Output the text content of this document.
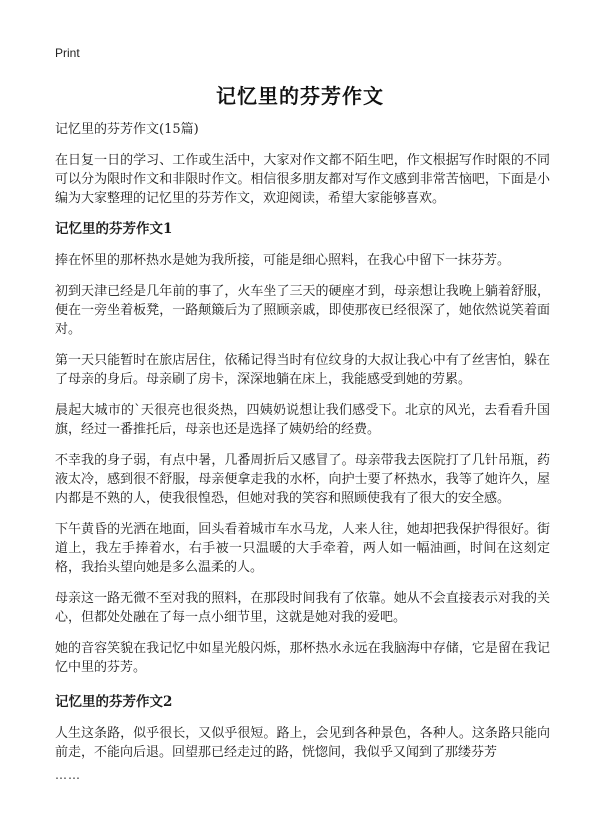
Print
记忆里的芬芳作文
记忆里的芬芳作文(15篇)
在日复一日的学习、工作或生活中，大家对作文都不陌生吧，作文根据写作时限的不同可以分为限时作文和非限时作文。相信很多朋友都对写作文感到非常苦恼吧，下面是小编为大家整理的记忆里的芬芳作文，欢迎阅读，希望大家能够喜欢。
记忆里的芬芳作文1
捧在怀里的那杯热水是她为我所接，可能是细心照料，在我心中留下一抹芬芳。
初到天津已经是几年前的事了，火车坐了三天的硬座才到，母亲想让我晚上躺着舒服，便在一旁坐着板凳，一路颠簸后为了照顾亲戚，即使那夜已经很深了，她依然说笑着面对。
第一天只能暂时在旅店居住，依稀记得当时有位纹身的大叔让我心中有了丝害怕，躲在了母亲的身后。母亲刷了房卡，深深地躺在床上，我能感受到她的劳累。
晨起大城市的`天很亮也很炎热，四姨奶说想让我们感受下。北京的风光，去看看升国旗，经过一番推托后，母亲也还是选择了姨奶给的经费。
不幸我的身子弱，有点中暑，几番周折后又感冒了。母亲带我去医院打了几针吊瓶，药液太冷，感到很不舒服，母亲便拿走我的水杯，向护士要了杯热水，我等了她许久，屋内都是不熟的人，使我很惶恐，但她对我的笑容和照顾使我有了很大的安全感。
下午黄昏的光洒在地面，回头看着城市车水马龙，人来人往，她却把我保护得很好。街道上，我左手捧着水，右手被一只温暖的大手牵着，两人如一幅油画，时间在这刻定格，我抬头望向她是多么温柔的人。
母亲这一路无微不至对我的照料，在那段时间我有了依靠。她从不会直接表示对我的关心，但都处处融在了每一点小细节里，这就是她对我的爱吧。
她的音容笑貌在我记忆中如星光般闪烁，那杯热水永远在我脑海中存储，它是留在我记忆中里的芬芳。
记忆里的芬芳作文2
人生这条路，似乎很长，又似乎很短。路上，会见到各种景色，各种人。这条路只能向前走，不能向后退。回望那已经走过的路，恍惚间，我似乎又闻到了那缕芬芳
……
